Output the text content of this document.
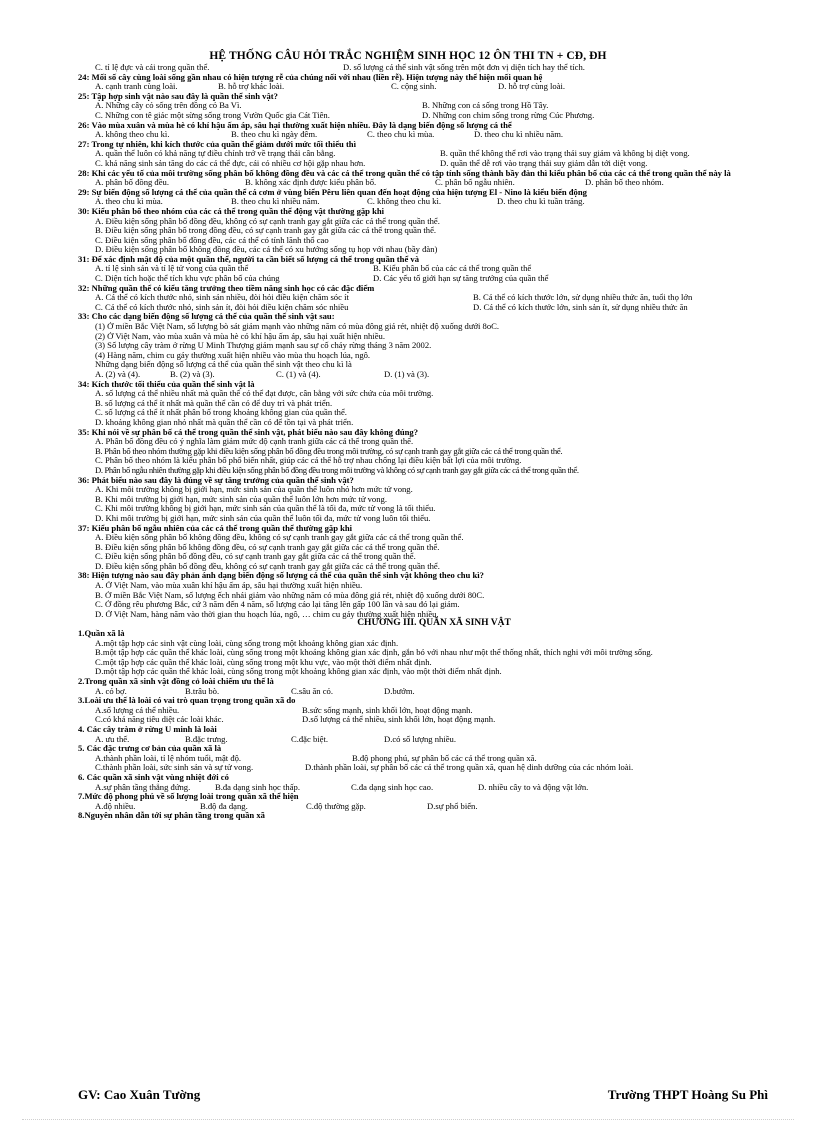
HỆ THỐNG CÂU HỎI TRẮC NGHIỆM SINH HỌC 12 ÔN THI TN + CĐ, ĐH
C. tỉ lệ đực và cái trong quần thể.	D. số lượng cá thể sinh vật sống trên một đơn vị diện tích hay thể tích.
24: Mối số cây cùng loài sống gần nhau có hiện tượng rễ của chúng nối với nhau (liền rễ). Hiện tượng này thể hiện mối quan hệ
A. cạnh tranh cùng loài.	B. hỗ trợ khác loài.	C. cộng sinh.	D. hỗ trợ cùng loài.
25: Tập hợp sinh vật nào sau đây là quần thể sinh vật?
A. Những cây cỏ sống trên đồng cỏ Ba Vì.	B. Những con cá sống trong Hồ Tây.
C. Những con tê giác một sừng sống trong Vườn Quốc gia Cát Tiên.	D. Những con chim sống trong rừng Cúc Phương.
26: Vào mùa xuân và mùa hè có khí hậu ấm áp, sâu hại thường xuất hiện nhiều. Đây là dạng biến động số lượng cá thể
A. không theo chu kì.	B. theo chu kì ngày đêm.	C. theo chu kì mùa.	D. theo chu kì nhiều năm.
27: Trong tự nhiên, khi kích thước của quần thể giảm dưới mức tối thiểu thì
A. quần thể luôn có khả năng tự điều chỉnh trở về trạng thái cân bằng.	B. quần thể không thể rơi vào trạng thái suy giảm và không bị diệt vong.
C. khả năng sinh sản tăng do các cá thể đực, cái có nhiều cơ hội gặp nhau hơn.	D. quần thể dễ rơi vào trạng thái suy giảm dẫn tới diệt vong.
28: Khi các yếu tố của môi trường sống phân bố không đồng đều và các cá thể trong quần thể có tập tính sống thành bầy đàn thì kiểu phân bố của các cá thể trong quần thể này là
A. phân bố đồng đều.	B. không xác định được kiểu phân bố.	C. phân bố ngẫu nhiên.	D. phân bố theo nhóm.
29: Sự biến động số lượng cá thể của quần thể cá cơm ở vùng biển Pêru liên quan đến hoạt động của hiện tượng El - Nino là kiểu biến động
A. theo chu kì mùa.	B. theo chu kì nhiều năm.	C. không theo chu kì.	D. theo chu kì tuần trăng.
30: Kiểu phân bố theo nhóm của các cá thể trong quần thể động vật thường gặp khi
A. Điều kiện sống phân bố đồng đều, không có sự cạnh tranh gay gắt giữa các cá thể trong quần thể.
B. Điều kiện sống phân bố trong đồng đều, có sự cạnh tranh gay gắt giữa các cá thể trong quần thể.
C. Điều kiện sống phân bố đồng đều, các cá thể có tính lãnh thổ cao
D. Điều kiện sống phân bố không đồng đều, các cá thể có xu hướng sống tụ họp với nhau (bầy đàn)
31: Để xác định mật độ của một quần thể, người ta cần biết số lượng cá thể trong quần thể và
A. tỉ lệ sinh sản và tỉ lệ tử vong của quần thể	B. Kiểu phân bố của các cá thể trong quần thể
C. Diện tích hoặc thể tích khu vực phân bố của chúng	D. Các yếu tố giới hạn sự tăng trưởng của quần thể
32: Những quần thể có kiểu tăng trưởng theo tiềm năng sinh học có các đặc điểm
A. Cá thể có kích thước nhỏ, sinh sản nhiều, đòi hỏi điều kiện chăm sóc ít	B. Cá thể có kích thước lớn, sử dụng nhiều thức ăn, tuổi thọ lớn
C. Cá thể có kích thước nhỏ, sinh sản ít, đòi hỏi điều kiện chăm sóc nhiều	D. Cá thể có kích thước lớn, sinh sản ít, sử dụng nhiều thức ăn
33: Cho các dạng biến động số lượng cá thể của quần thể sinh vật sau:
(1) Ở miền Bắc Việt Nam, số lượng bò sát giảm mạnh vào những năm có mùa đông giá rét, nhiệt độ xuống dưới 8oC.
(2) Ở Việt Nam, vào mùa xuân và mùa hè có khí hậu ấm áp, sâu hại xuất hiện nhiều.
(3) Số lượng cây tràm ở rừng U Minh Thượng giảm mạnh sau sự cố cháy rừng tháng 3 năm 2002.
(4) Hàng năm, chim cu gáy thường xuất hiện nhiều vào mùa thu hoạch lúa, ngô.
Những dạng biến động số lượng cá thể của quần thể sinh vật theo chu kì là
A. (2) và (4).	B. (2) và (3).	C. (1) và (4).	D. (1) và (3).
34: Kích thước tối thiểu của quần thể sinh vật là
A. số lượng cá thể nhiều nhất mà quần thể có thể đạt được, cân bằng với sức chứa của môi trường.
B. số lượng cá thể ít nhất mà quần thể cần có để duy trì và phát triển.
C. số lượng cá thể ít nhất phân bố trong khoảng không gian của quần thể.
D. khoảng không gian nhỏ nhất mà quần thể cần có để tồn tại và phát triển.
35: Khi nói về sự phân bố cá thể trong quần thể sinh vật, phát biểu nào sau đây không đúng?
A. Phân bố đồng đều có ý nghĩa làm giảm mức độ cạnh tranh giữa các cá thể trong quần thể.
B. Phân bố theo nhóm thường gặp khi điều kiện sống phân bố đồng đều trong môi trường, có sự cạnh tranh gay gắt giữa các cá thể trong quần thể.
C. Phân bố theo nhóm là kiểu phân bố phổ biến nhất, giúp các cá thể hỗ trợ nhau chống lại điều kiện bất lợi của môi trường.
D. Phân bố ngẫu nhiên thường gặp khi điều kiện sống phân bố đồng đều trong môi trường và không có sự cạnh tranh gay gắt giữa các cá thể trong quần thể.
36: Phát biểu nào sau đây là đúng về sự tăng trưởng của quần thể sinh vật?
A. Khi môi trường không bị giới hạn, mức sinh sản của quần thể luôn nhỏ hơn mức tử vong.
B. Khi môi trường bị giới hạn, mức sinh sản của quần thể luôn lớn hơn mức tử vong.
C. Khi môi trường không bị giới hạn, mức sinh sản của quần thể là tối đa, mức tử vong là tối thiểu.
D. Khi môi trường bị giới hạn, mức sinh sản của quần thể luôn tối đa, mức tử vong luôn tối thiểu.
37: Kiểu phân bố ngẫu nhiên của các cá thể trong quần thể thường gặp khi
A. Điều kiện sống phân bố không đồng đều, không có sự cạnh tranh gay gắt giữa các cá thể trong quần thể.
B. Điều kiện sống phân bố không đồng đều, có sự cạnh tranh gay gắt giữa các cá thể trong quần thể.
C. Điều kiện sống phân bố đồng đều, có sự cạnh tranh gay gắt giữa các cá thể trong quần thể.
D. Điều kiện sống phân bố đồng đều, không có sự cạnh tranh gay gắt giữa các cá thể trong quần thể.
38: Hiện tượng nào sau đây phản ánh dạng biến động số lượng cá thể của quần thể sinh vật không theo chu kì?
A. Ở Việt Nam, vào mùa xuân khí hậu ấm áp, sâu hại thường xuất hiện nhiều.
B. Ở miền Bắc Việt Nam, số lượng ếch nhái giảm vào những năm có mùa đông giá rét, nhiệt độ xuống dưới 80C.
C. Ở đồng rêu phương Bắc, cứ 3 năm đến 4 năm, số lượng cáo lại tăng lên gấp 100 lần và sau đó lại giảm.
D. Ở Việt Nam, hàng năm vào thời gian thu hoạch lúa, ngô, … chim cu gáy thường xuất hiện nhiều.
CHƯƠNG III. QUẦN XÃ SINH VẬT
1.Quần xã là
A.một tập hợp các sinh vật cùng loài, cùng sống trong một khoảng không gian xác định.
B.một tập hợp các quần thể khác loài, cùng sống trong một khoảng không gian xác định, gắn bó với nhau như một thể thống nhất, thích nghi với môi trường sống.
C.một tập hợp các quần thể khác loài, cùng sống trong một khu vực, vào một thời điểm nhất định.
D.một tập hợp các quần thể khác loài, cùng sống trong một khoảng không gian xác định, vào một thời điểm nhất định.
2.Trong quần xã sinh vật đồng cỏ loài chiếm ưu thế là
A. cỏ bợ.	B.trâu bò.	C.sâu ăn cỏ.	D.bướm.
3.Loài ưu thế là loài có vai trò quan trọng trong quần xã do
A.số lượng cá thể nhiều.	B.sức sống mạnh, sinh khối lớn, hoạt động mạnh.
C.có khả năng tiêu diệt các loài khác.	D.số lượng cá thể nhiều, sinh khối lớn, hoạt động mạnh.
4. Các cây tràm ở rừng U minh là loài
A. ưu thế.	B.đặc trưng.	C.đặc biệt.	D.có số lượng nhiều.
5. Các đặc trưng cơ bản của quần xã là
A.thành phần loài, tỉ lệ nhóm tuổi, mật độ.	B.độ phong phú, sự phân bố các cá thể trong quần xã.
C.thành phần loài, sức sinh sản và sự tử vong.	D.thành phần loài, sự phân bố các cá thể trong quần xã, quan hệ dinh dưỡng của các nhóm loài.
6. Các quần xã sinh vật vùng nhiệt đới có
A.sự phân tầng thẳng đứng.	B.đa dạng sinh học thấp.	C.đa dạng sinh học cao.	D. nhiều cây to và động vật lớn.
7.Mức độ phong phú về số lượng loài trong quần xã thể hiện
A.độ nhiều.	B.độ đa dạng.	C.độ thường gặp.	D.sự phổ biến.
8.Nguyên nhân dẫn tới sự phân tầng trong quần xã
GV: Cao Xuân Tường	Trường THPT Hoàng Su Phì
